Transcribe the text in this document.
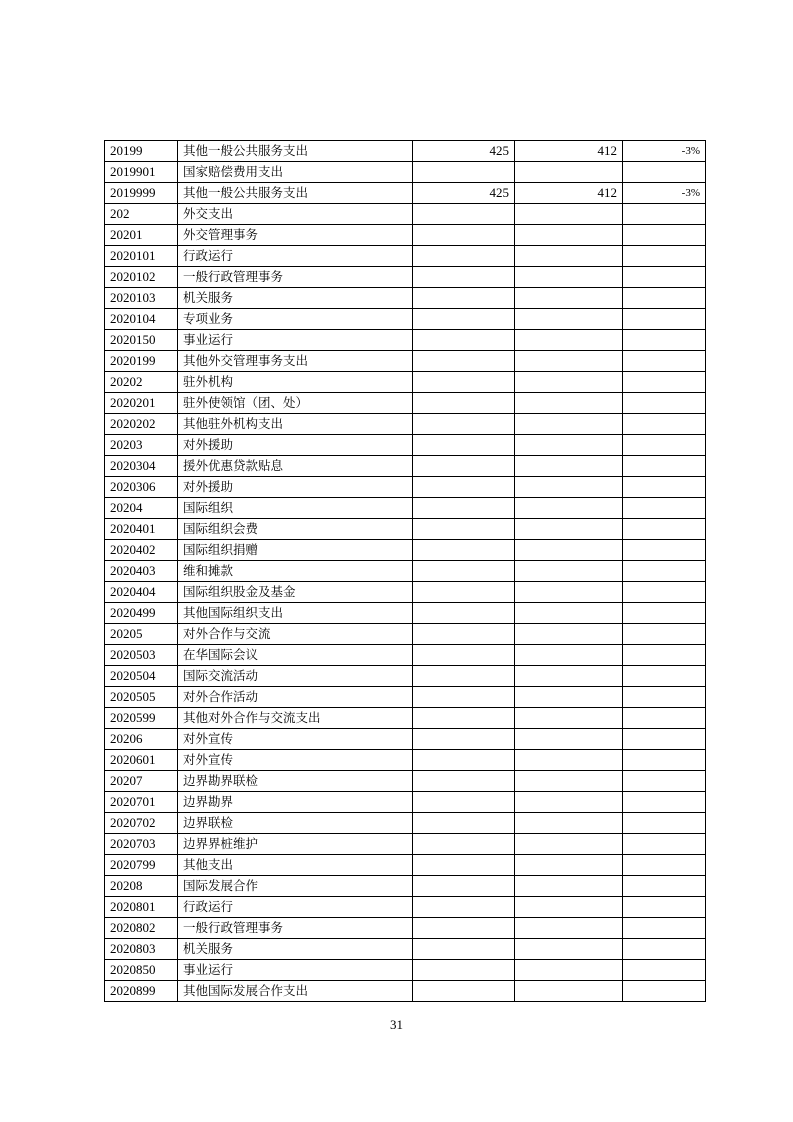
20199	其他一般公共服务支出	425	412	-3%
2019901	国家赔偿费用支出			
2019999	其他一般公共服务支出	425	412	-3%
202	外交支出			
20201	外交管理事务			
2020101	行政运行			
2020102	一般行政管理事务			
2020103	机关服务			
2020104	专项业务			
2020150	事业运行			
2020199	其他外交管理事务支出			
20202	驻外机构			
2020201	驻外使领馆（团、处）			
2020202	其他驻外机构支出			
20203	对外援助			
2020304	援外优惠贷款贴息			
2020306	对外援助			
20204	国际组织			
2020401	国际组织会费			
2020402	国际组织捐赠			
2020403	维和摊款			
2020404	国际组织股金及基金			
2020499	其他国际组织支出			
20205	对外合作与交流			
2020503	在华国际会议			
2020504	国际交流活动			
2020505	对外合作活动			
2020599	其他对外合作与交流支出			
20206	对外宣传			
2020601	对外宣传			
20207	边界勘界联检			
2020701	边界勘界			
2020702	边界联检			
2020703	边界界桩维护			
2020799	其他支出			
20208	国际发展合作			
2020801	行政运行			
2020802	一般行政管理事务			
2020803	机关服务			
2020850	事业运行			
2020899	其他国际发展合作支出			
31
